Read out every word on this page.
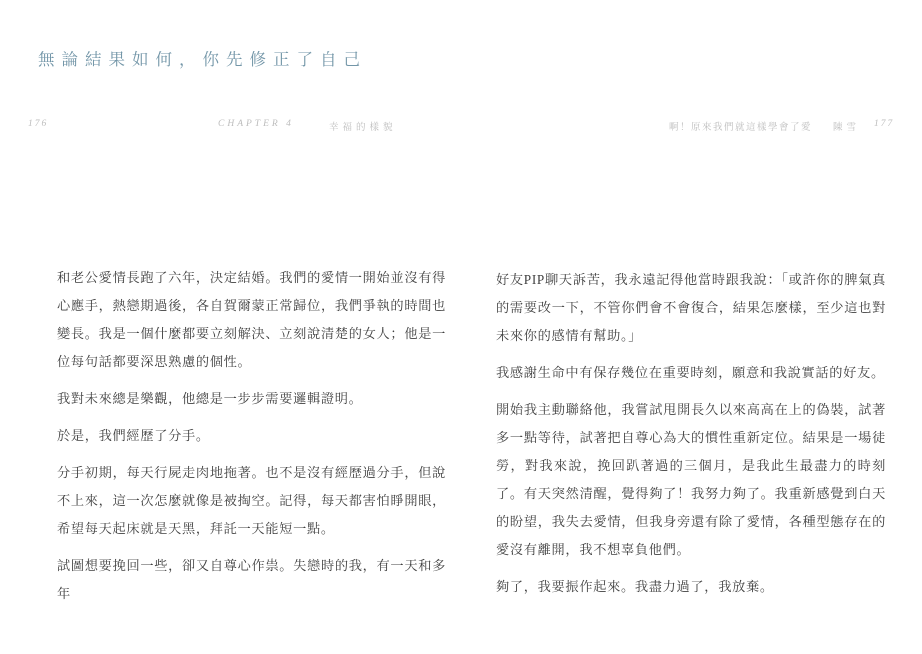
無論結果如何，你先修正了自己
176	CHAPTER 4	幸福的樣貌	啊！原來我們就這樣學會了愛 陳雪 177

和老公愛情長跑了六年，決定結婚。我們的愛情一開始並沒有得心應手，熱戀期過後，各自賀爾蒙正常歸位，我們爭執的時間也變長。我是一個什麼都要立刻解決、立刻說清楚的女人；他是一位每句話都要深思熟慮的個性。

我對未來總是樂觀，他總是一步步需要邏輯證明。

於是，我們經歷了分手。

分手初期，每天行屍走肉地拖著。也不是沒有經歷過分手，但說不上來，這一次怎麼就像是被掏空。記得，每天都害怕睜開眼，希望每天起床就是天黑，拜託一天能短一點。

試圖想要挽回一些，卻又自尊心作祟。失戀時的我，有一天和多年

好友PIP聊天訴苦，我永遠記得他當時跟我說：「或許你的脾氣真的需要改一下，不管你們會不會復合，結果怎麼樣，至少這也對未來你的感情有幫助。」

我感謝生命中有保存幾位在重要時刻，願意和我說實話的好友。

開始我主動聯絡他，我嘗試甩開長久以來高高在上的偽裝，試著多一點等待，試著把自尊心為大的慣性重新定位。結果是一場徒勞，對我來說，挽回趴著過的三個月，是我此生最盡力的時刻了。有天突然清醒，覺得夠了！我努力夠了。我重新感覺到白天的盼望，我失去愛情，但我身旁還有除了愛情，各種型態存在的愛沒有離開，我不想辜負他們。

夠了，我要振作起來。我盡力過了，我放棄。
